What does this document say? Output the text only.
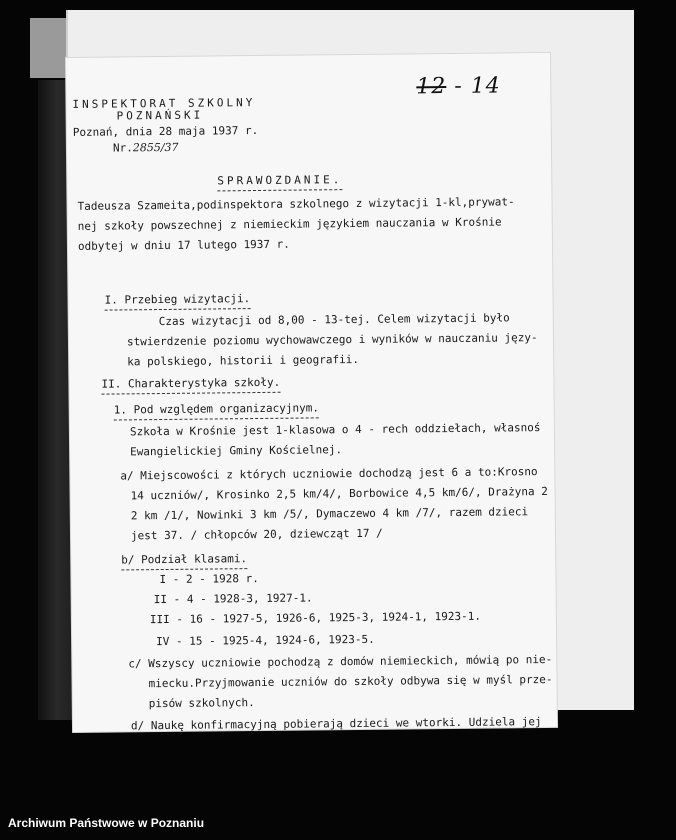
12 - 14
INSPEKTORAT SZKOLNY
POZNAŃSKI
Poznań, dnia 28 maja 1937 r.
Nr.2855/37
SPRAWOZDANIE.
Tadeusza Szameita,podinspektora szkolnego z wizytacji 1-kl,prywat-
nej szkoły powszechnej z niemieckim językiem nauczania w Krośnie
odbytej w dniu 17 lutego 1937 r.
I. Przebieg wizytacji.
Czas wizytacji od 8,00 - 13-tej. Celem wizytacji było
stwierdzenie poziomu wychowawczego i wyników w nauczaniu języ-
ka polskiego, historii i geografii.
II. Charakterystyka szkoły.
1. Pod względem organizacyjnym.
Szkoła w Krośnie jest 1-klasowa o 4 - rech oddziełach, własnoś
Ewangielickiej Gminy Kościelnej.
a/ Miejscowości z których uczniowie dochodzą jest 6 a to:Krosno
14 uczniów/, Krosinko 2,5 km/4/, Borbowice 4,5 km/6/, Drażyna 2
2 km /1/, Nowinki 3 km /5/, Dymaczewo 4 km /7/, razem dzieci
jest 37. / chłopców 20, dziewcząt 17 /
b/ Podział klasami.
I - 2 - 1928 r.
II - 4 - 1928-3, 1927-1.
III - 16 - 1927-5, 1926-6, 1925-3, 1924-1, 1923-1.
IV - 15 - 1925-4, 1924-6, 1923-5.
c/ Wszyscy uczniowie pochodzą z domów niemieckich, mówią po nie-
miecku.Przyjmowanie uczniów do szkoły odbywa się w myśl prze-
pisów szkolnych.
d/ Naukę konfirmacyjną pobierają dzieci we wtorki. Udziela jej
Archiwum Państwowe w Poznaniu
